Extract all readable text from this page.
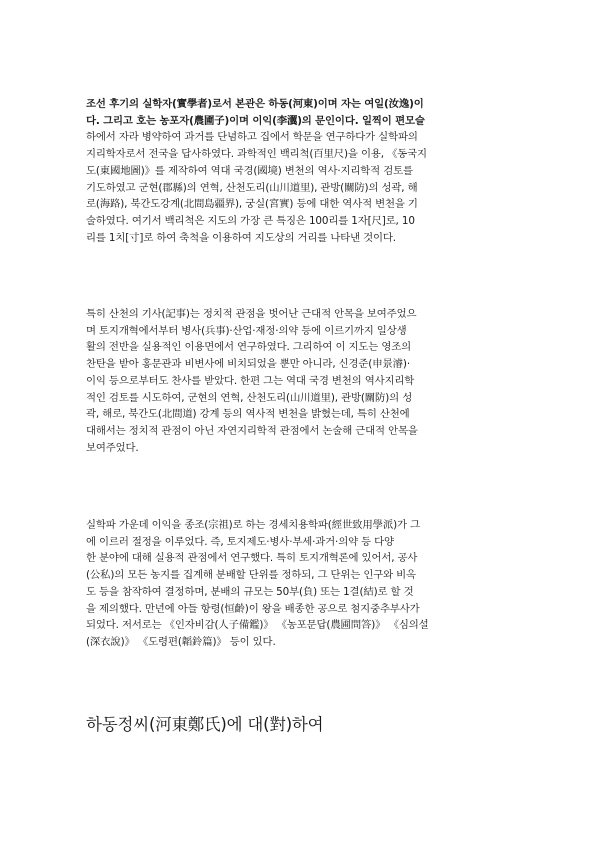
조선 후기의 실학자(實學者)로서 본관은 하동(河東)이며 자는 여일(汝逸)이
다. 그리고 호는 농포자(農圃子)이며 이익(李瀷)의 문인이다. 일찍이 편모슬
하에서 자라 병약하여 과거를 단념하고 집에서 학문을 연구하다가 실학파의
지리학자로서 전국을 답사하였다. 과학적인 백리척(百里尺)을 이용, 《동국지
도(東國地圖)》를 제작하여 역대 국경(國境) 변천의 역사·지리학적 검토를
기도하였고 군현(郡縣)의 연혁, 산천도리(山川道里), 관방(關防)의 성곽, 해
로(海路), 북간도강계(北間島疆界), 궁실(宮實) 등에 대한 역사적 변천을 기
술하였다. 여기서 백리척은 지도의 가장 큰 특징은 100리를 1자[尺]로, 10
리를 1치[寸]로 하여 축척을 이용하여 지도상의 거리를 나타낸 것이다.
특히 산천의 기사(記事)는 정치적 관점을 벗어난 근대적 안목을 보여주었으
며 토지개혁에서부터 병사(兵事)·산업·재정·의약 등에 이르기까지 일상생
활의 전반을 실용적인 이용면에서 연구하였다. 그리하여 이 지도는 영조의
찬탄을 받아 홍문관과 비변사에 비치되었을 뿐만 아니라, 신경준(申景濬)·
이익 등으로부터도 찬사를 받았다. 한편 그는 역대 국경 변천의 역사지리학
적인 검토를 시도하여, 군현의 연혁, 산천도리(山川道里), 관방(關防)의 성
곽, 해로, 북간도(北間道) 강계 등의 역사적 변천을 밝혔는데, 특히 산천에
대해서는 정치적 관점이 아닌 자연지리학적 관점에서 논술해 근대적 안목을
보여주었다.
실학파 가운데 이익을 종조(宗祖)로 하는 경세치용학파(經世致用學派)가 그
에 이르러 절정을 이루었다. 즉, 토지제도·병사·부세·과거·의약 등 다양
한 분야에 대해 실용적 관점에서 연구했다. 특히 토지개혁론에 있어서, 공사
(公私)의 모든 농지를 집계해 분배할 단위를 정하되, 그 단위는 인구와 비옥
도 등을 참작하여 결정하며, 분배의 규모는 50부(負) 또는 1결(結)로 할 것
을 제의했다. 만년에 아들 항령(恒齡)이 왕을 배종한 공으로 첨지중추부사가
되었다. 저서로는 《인자비감(人子備鑑)》 《농포문답(農圃問答)》 《심의설
(深衣說)》 《도령편(韜鈴篇)》 등이 있다.
하동정씨(河東鄭氏)에 대(對)하여
